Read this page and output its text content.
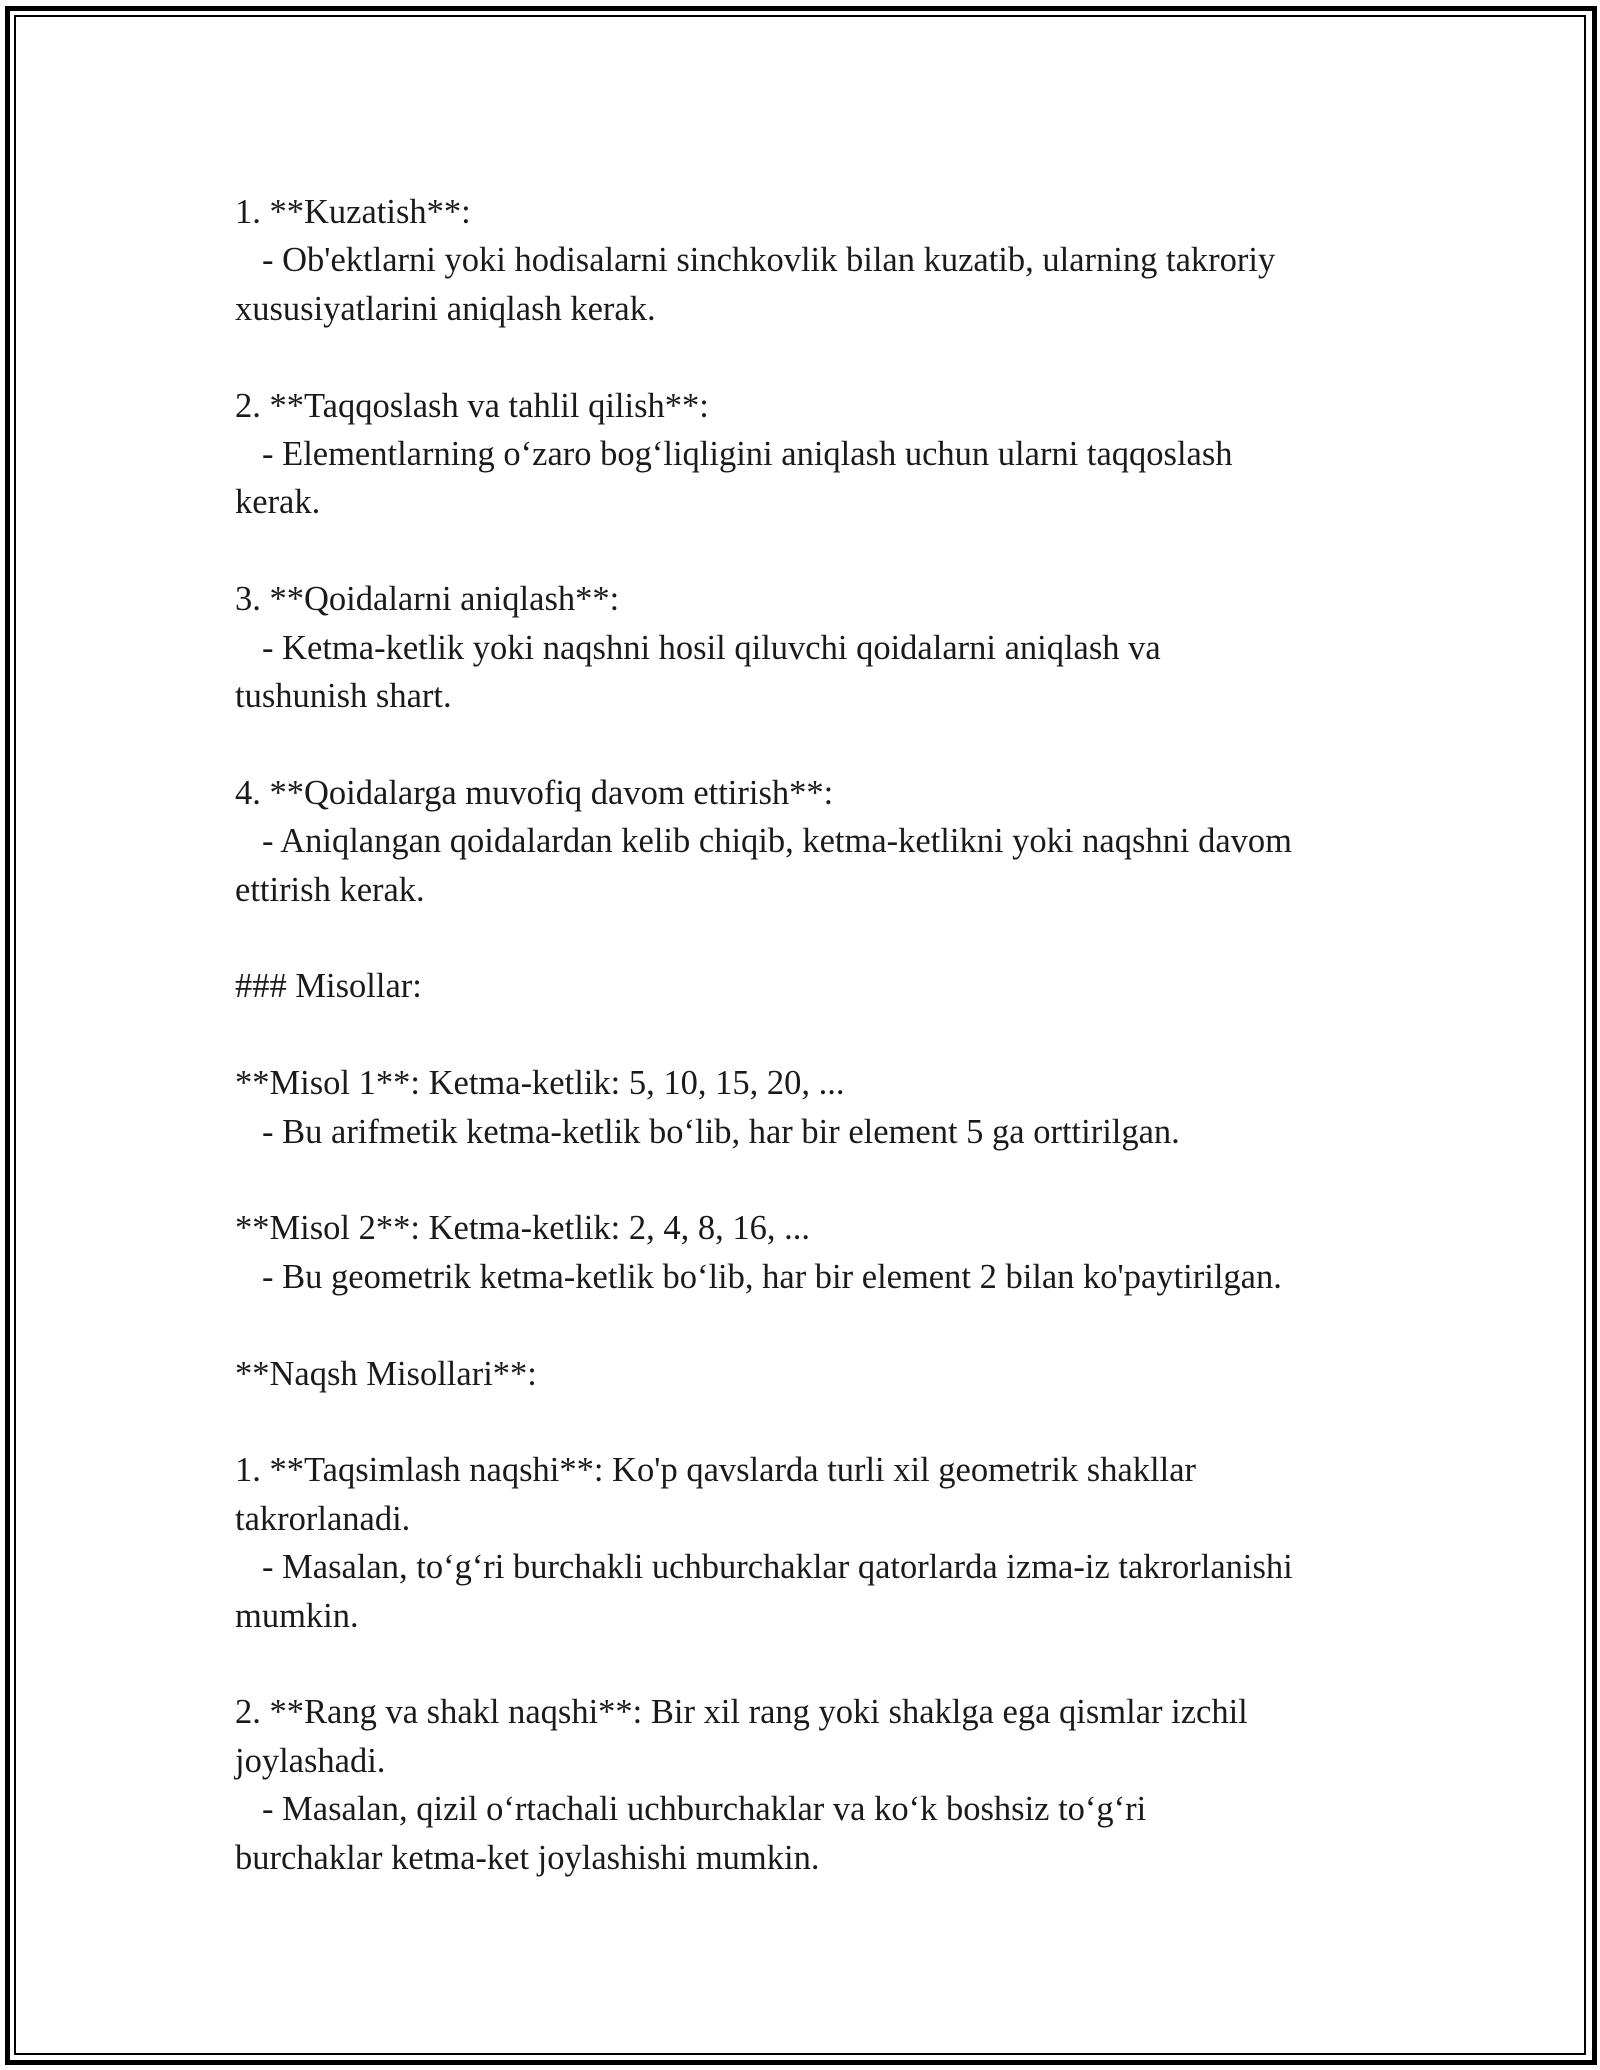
1. **Kuzatish**:

- Ob'ektlarni yoki hodisalarni sinchkovlik bilan kuzatib, ularning takroriy

xususiyatlarini aniqlash kerak.

2. **Taqqoslash va tahlil qilish**:

- Elementlarning o‘zaro bog‘liqligini aniqlash uchun ularni taqqoslash

kerak.

3. **Qoidalarni aniqlash**:

- Ketma-ketlik yoki naqshni hosil qiluvchi qoidalarni aniqlash va

tushunish shart.

4. **Qoidalarga muvofiq davom ettirish**:

- Aniqlangan qoidalardan kelib chiqib, ketma-ketlikni yoki naqshni davom

ettirish kerak.

### Misollar:

**Misol 1**: Ketma-ketlik: 5, 10, 15, 20, ...

- Bu arifmetik ketma-ketlik bo‘lib, har bir element 5 ga orttirilgan.

**Misol 2**: Ketma-ketlik: 2, 4, 8, 16, ...

- Bu geometrik ketma-ketlik bo‘lib, har bir element 2 bilan ko'paytirilgan.

**Naqsh Misollari**:

1. **Taqsimlash naqshi**: Ko'p qavslarda turli xil geometrik shakllar

takrorlanadi.

- Masalan, to‘g‘ri burchakli uchburchaklar qatorlarda izma-iz takrorlanishi

mumkin.

2. **Rang va shakl naqshi**: Bir xil rang yoki shaklga ega qismlar izchil

joylashadi.

- Masalan, qizil o‘rtachali uchburchaklar va ko‘k boshsiz to‘g‘ri

burchaklar ketma-ket joylashishi mumkin.
